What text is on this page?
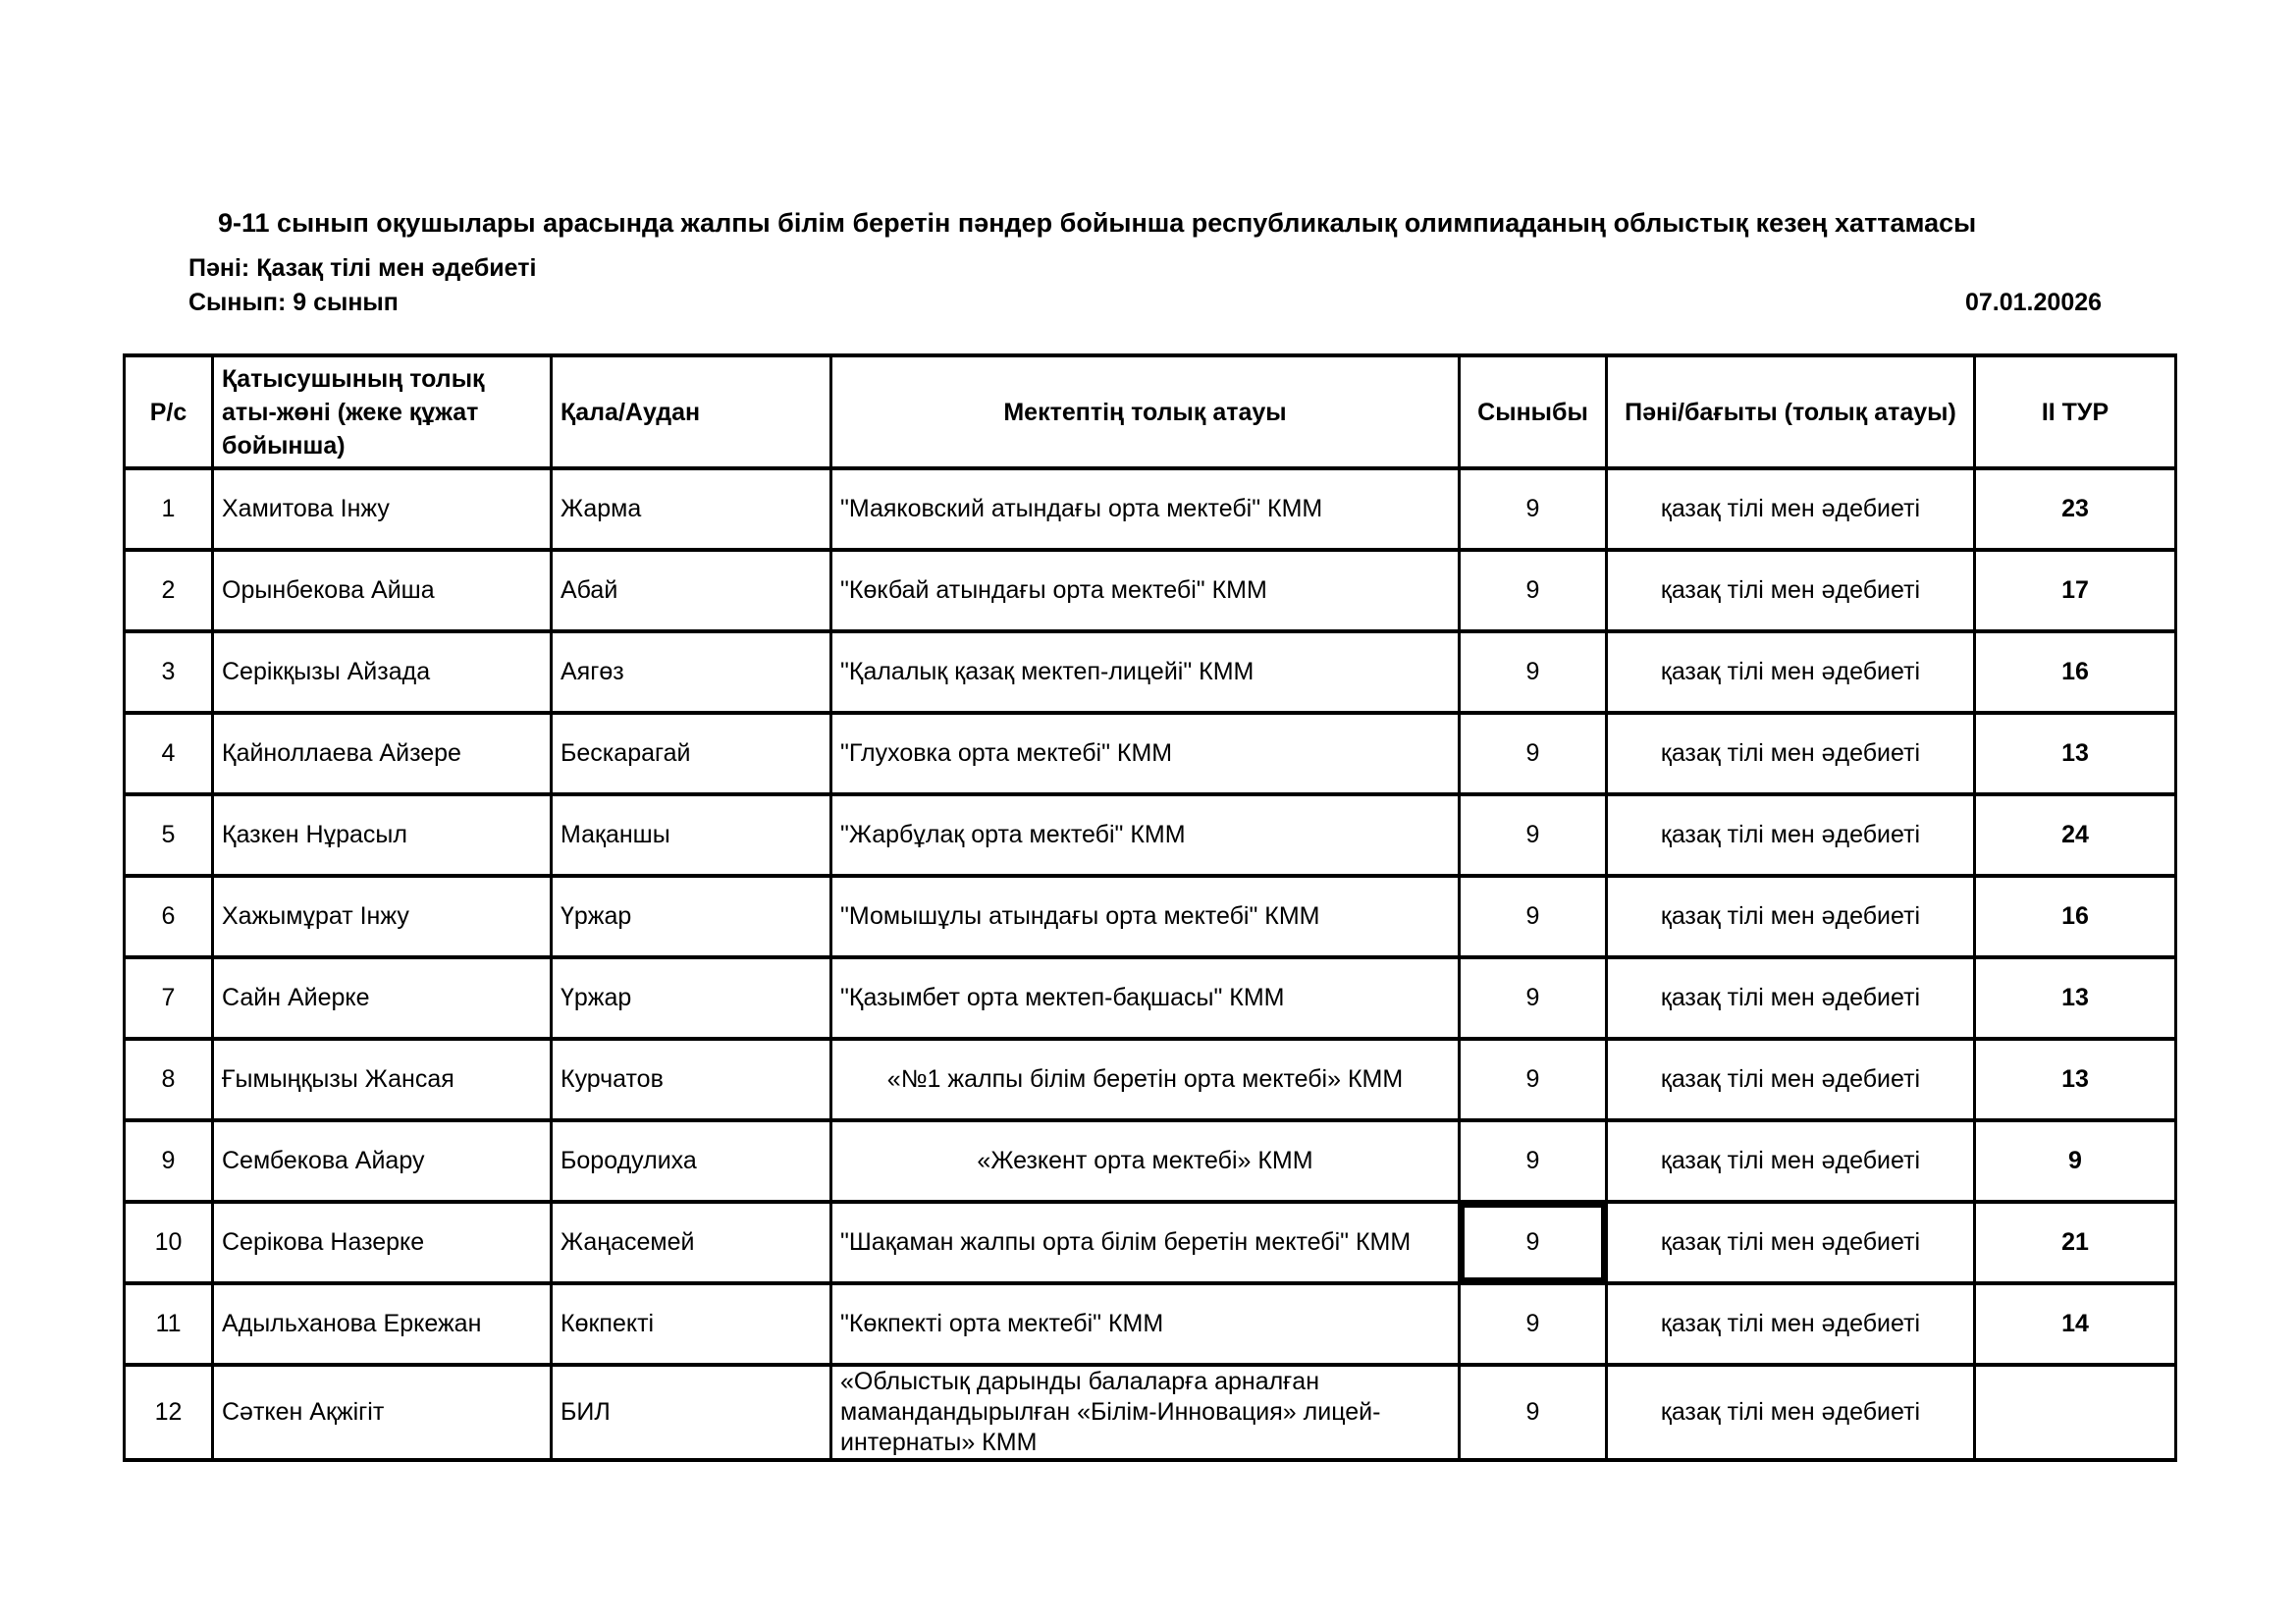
9-11 сынып оқушылары арасында жалпы білім беретін пәндер бойынша республикалық олимпиаданың облыстық кезең хаттамасы
Пәні: Қазақ тілі мен әдебиеті
Сынып: 9 сынып	07.01.20026
Р/с	Қатысушының толық аты-жөні (жеке құжат бойынша)	Қала/Аудан	Мектептің толық атауы	Сыныбы	Пәні/бағыты (толық атауы)	II ТУР
1	Хамитова Інжу	Жарма	"Маяковский атындағы орта мектебі" КММ	9	қазақ тілі мен әдебиеті	23
2	Орынбекова Айша	Абай	"Көкбай атындағы орта мектебі" КММ	9	қазақ тілі мен әдебиеті	17
3	Серікқызы Айзада	Аягөз	"Қалалық қазақ мектеп-лицейі" КММ	9	қазақ тілі мен әдебиеті	16
4	Қайноллаева Айзере	Бескарагай	"Глуховка орта мектебі" КММ	9	қазақ тілі мен әдебиеті	13
5	Қазкен Нұрасыл	Мақаншы	"Жарбұлақ орта мектебі" КММ	9	қазақ тілі мен әдебиеті	24
6	Хажымұрат Інжу	Үржар	"Момышұлы атындағы орта мектебі" КММ	9	қазақ тілі мен әдебиеті	16
7	Сайн Айерке	Үржар	"Қазымбет орта мектеп-бақшасы" КММ	9	қазақ тілі мен әдебиеті	13
8	Ғымыңқызы Жансая	Курчатов	«№1 жалпы білім беретін орта мектебі» КММ	9	қазақ тілі мен әдебиеті	13
9	Сембекова Айару	Бородулиха	«Жезкент орта мектебі» КММ	9	қазақ тілі мен әдебиеті	9
10	Серікова Назерке	Жаңасемей	"Шақаман жалпы орта білім беретін мектебі" КММ	9	қазақ тілі мен әдебиеті	21
11	Адыльханова Еркежан	Көкпекті	"Көкпекті орта мектебі" КММ	9	қазақ тілі мен әдебиеті	14
12	Сәткен Ақжігіт	БИЛ	«Облыстық дарынды балаларға арналған мамандандырылған «Білім-Инновация» лицей-интернаты» КММ	9	қазақ тілі мен әдебиеті	
